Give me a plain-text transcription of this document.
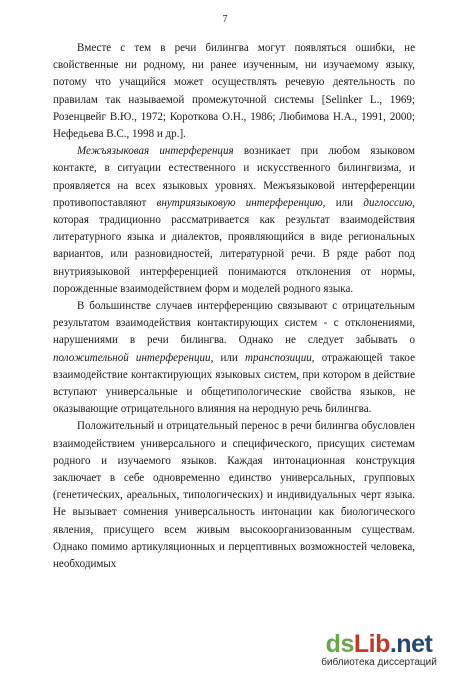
7

Вместе с тем в речи билингва могут появляться ошибки, не свойственные ни родному, ни ранее изученным, ни изучаемому языку, потому что учащийся может осуществлять речевую деятельность по правилам так называемой промежуточной системы [Selinker L., 1969; Розенцвейг В.Ю., 1972; Короткова О.Н., 1986; Любимова Н.А., 1991, 2000; Нефедьева В.С., 1998 и др.].

Межъязыковая интерференция возникает при любом языковом контакте, в ситуации естественного и искусственного билингвизма, и проявляется на всех языковых уровнях. Межъязыковой интерференции противопоставляют внутриязыковую интерференцию, или диглоссию, которая традиционно рассматривается как результат взаимодействия литературного языка и диалектов, проявляющийся в виде региональных вариантов, или разновидностей, литературной речи. В ряде работ под внутриязыковой интерференцией понимаются отклонения от нормы, порожденные взаимодействием форм и моделей родного языка.

В большинстве случаев интерференцию связывают с отрицательным результатом взаимодействия контактирующих систем - с отклонениями, нарушениями в речи билингва. Однако не следует забывать о положительной интерференции, или транспозиции, отражающей такое взаимодействие контактирующих языковых систем, при котором в действие вступают универсальные и общетипологические свойства языков, не оказывающие отрицательного влияния на неродную речь билингва.

Положительный и отрицательный перенос в речи билингва обусловлен взаимодействием универсального и специфического, присущих системам родного и изучаемого языков. Каждая интонационная конструкция заключает в себе одновременно единство универсальных, групповых (генетических, ареальных, типологических) и индивидуальных черт языка. Не вызывает сомнения универсальность интонации как биологического явления, присущего всем живым высокоорганизованным существам. Однако помимо артикуляционных и перцептивных возможностей человека, необходимых

dsLib.net
библиотека диссертаций
